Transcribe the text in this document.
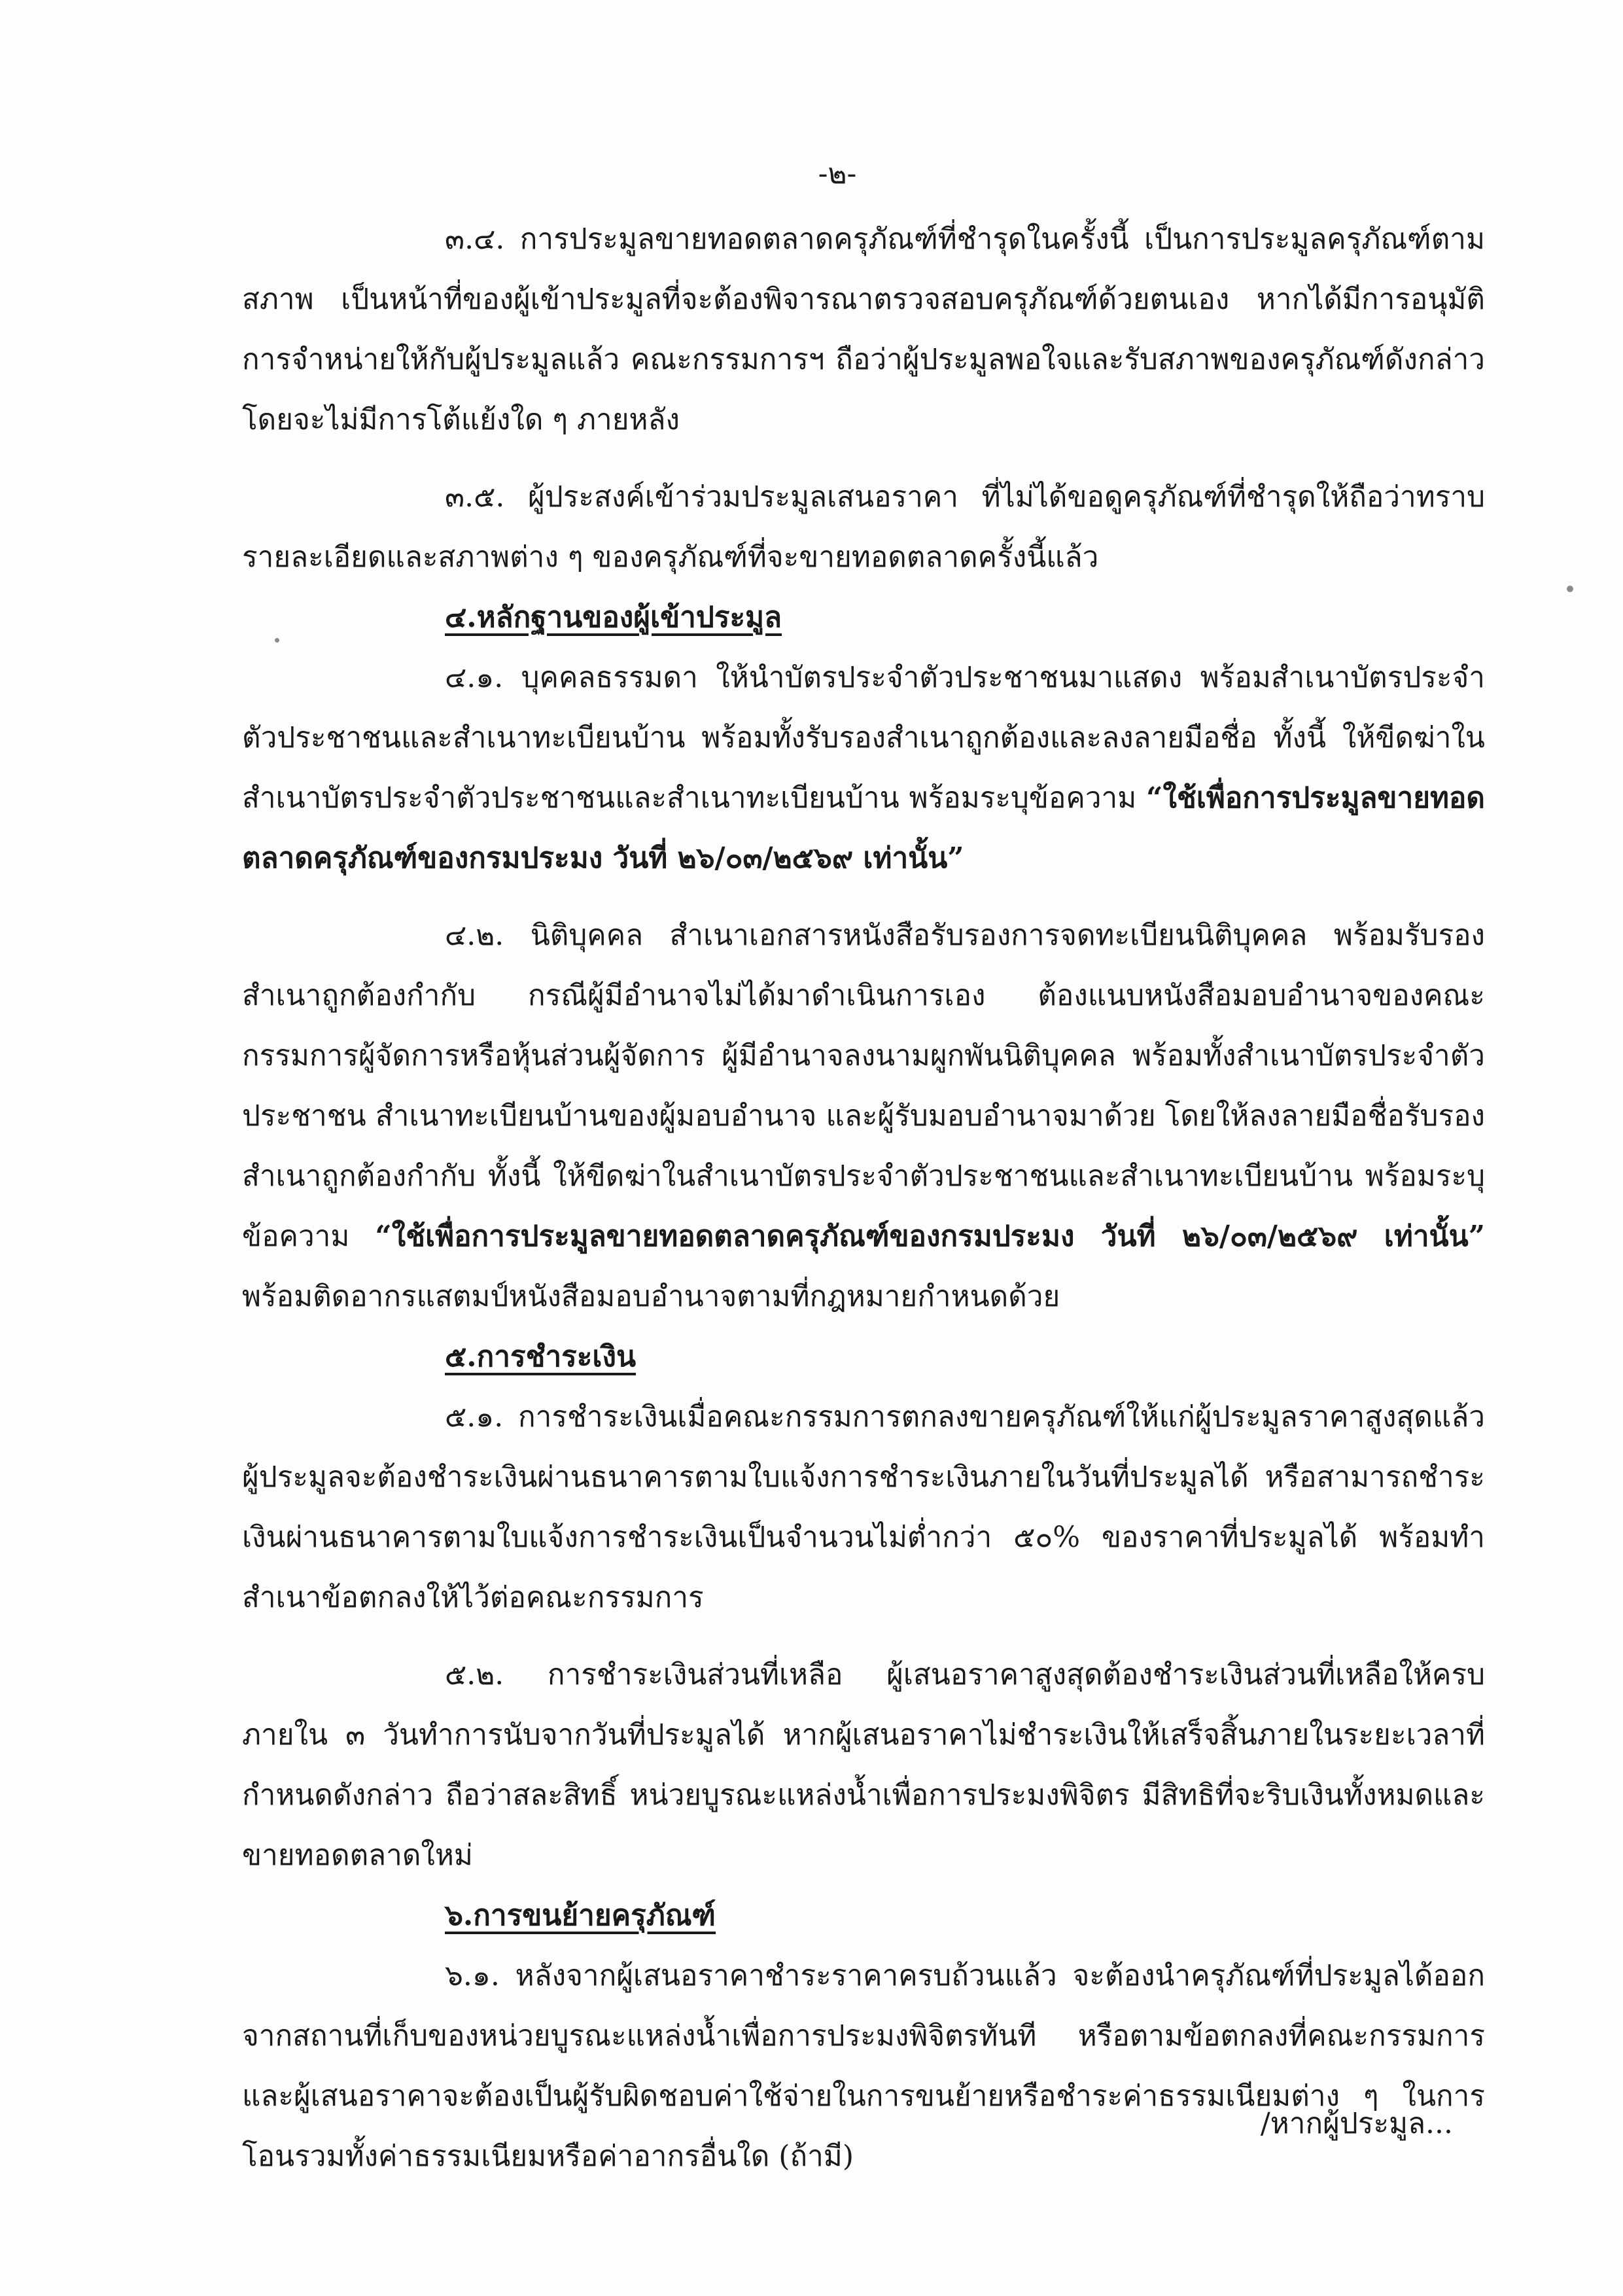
-๒-

๓.๔. การประมูลขายทอดตลาดครุภัณฑ์ที่ชำรุดในครั้งนี้ เป็นการประมูลครุภัณฑ์ตามสภาพ เป็นหน้าที่ของผู้เข้าประมูลที่จะต้องพิจารณาตรวจสอบครุภัณฑ์ด้วยตนเอง หากได้มีการอนุมัติการจำหน่ายให้กับผู้ประมูลแล้ว คณะกรรมการฯ ถือว่าผู้ประมูลพอใจและรับสภาพของครุภัณฑ์ดังกล่าว โดยจะไม่มีการโต้แย้งใด ๆ ภายหลัง

๓.๕. ผู้ประสงค์เข้าร่วมประมูลเสนอราคา ที่ไม่ได้ขอดูครุภัณฑ์ที่ชำรุดให้ถือว่าทราบรายละเอียดและสภาพต่าง ๆ ของครุภัณฑ์ที่จะขายทอดตลาดครั้งนี้แล้ว

๔.หลักฐานของผู้เข้าประมูล

๔.๑. บุคคลธรรมดา ให้นำบัตรประจำตัวประชาชนมาแสดง พร้อมสำเนาบัตรประจำตัวประชาชนและสำเนาทะเบียนบ้าน พร้อมทั้งรับรองสำเนาถูกต้องและลงลายมือชื่อ ทั้งนี้ ให้ขีดฆ่าในสำเนาบัตรประจำตัวประชาชนและสำเนาทะเบียนบ้าน พร้อมระบุข้อความ “ใช้เพื่อการประมูลขายทอดตลาดครุภัณฑ์ของกรมประมง วันที่ ๒๖/๐๓/๒๕๖๙ เท่านั้น”

๔.๒. นิติบุคคล สำเนาเอกสารหนังสือรับรองการจดทะเบียนนิติบุคคล พร้อมรับรองสำเนาถูกต้องกำกับ กรณีผู้มีอำนาจไม่ได้มาดำเนินการเอง ต้องแนบหนังสือมอบอำนาจของคณะกรรมการผู้จัดการหรือหุ้นส่วนผู้จัดการ ผู้มีอำนาจลงนามผูกพันนิติบุคคล พร้อมทั้งสำเนาบัตรประจำตัวประชาชน สำเนาทะเบียนบ้านของผู้มอบอำนาจ และผู้รับมอบอำนาจมาด้วย โดยให้ลงลายมือชื่อรับรองสำเนาถูกต้องกำกับ ทั้งนี้ ให้ขีดฆ่าในสำเนาบัตรประจำตัวประชาชนและสำเนาทะเบียนบ้าน พร้อมระบุข้อความ “ใช้เพื่อการประมูลขายทอดตลาดครุภัณฑ์ของกรมประมง วันที่ ๒๖/๐๓/๒๕๖๙ เท่านั้น” พร้อมติดอากรแสตมป์หนังสือมอบอำนาจตามที่กฎหมายกำหนดด้วย

๕.การชำระเงิน

๕.๑. การชำระเงินเมื่อคณะกรรมการตกลงขายครุภัณฑ์ให้แก่ผู้ประมูลราคาสูงสุดแล้ว ผู้ประมูลจะต้องชำระเงินผ่านธนาคารตามใบแจ้งการชำระเงินภายในวันที่ประมูลได้ หรือสามารถชำระเงินผ่านธนาคารตามใบแจ้งการชำระเงินเป็นจำนวนไม่ต่ำกว่า ๕๐% ของราคาที่ประมูลได้ พร้อมทำสำเนาข้อตกลงให้ไว้ต่อคณะกรรมการ

๕.๒. การชำระเงินส่วนที่เหลือ ผู้เสนอราคาสูงสุดต้องชำระเงินส่วนที่เหลือให้ครบภายใน ๓ วันทำการนับจากวันที่ประมูลได้ หากผู้เสนอราคาไม่ชำระเงินให้เสร็จสิ้นภายในระยะเวลาที่กำหนดดังกล่าว ถือว่าสละสิทธิ์ หน่วยบูรณะแหล่งน้ำเพื่อการประมงพิจิตร มีสิทธิที่จะริบเงินทั้งหมดและขายทอดตลาดใหม่

๖.การขนย้ายครุภัณฑ์

๖.๑. หลังจากผู้เสนอราคาชำระราคาครบถ้วนแล้ว จะต้องนำครุภัณฑ์ที่ประมูลได้ออกจากสถานที่เก็บของหน่วยบูรณะแหล่งน้ำเพื่อการประมงพิจิตรทันที หรือตามข้อตกลงที่คณะกรรมการ และผู้เสนอราคาจะต้องเป็นผู้รับผิดชอบค่าใช้จ่ายในการขนย้ายหรือชำระค่าธรรมเนียมต่าง ๆ ในการโอนรวมทั้งค่าธรรมเนียมหรือค่าอากรอื่นใด (ถ้ามี)

/หากผู้ประมูล...
